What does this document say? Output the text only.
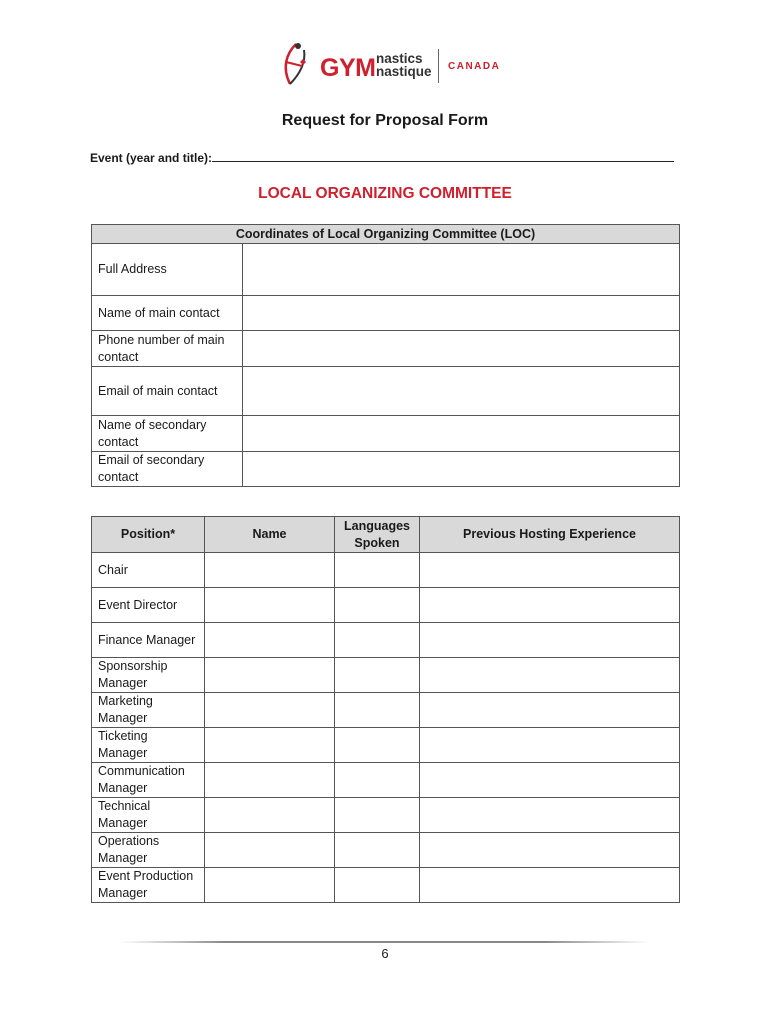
GYM nastics
nastique CANADA
Request for Proposal Form
Event (year and title):
LOCAL ORGANIZING COMMITTEE
Coordinates of Local Organizing Committee (LOC)	
Full Address	
Name of main contact	
Phone number of main contact	
Email of main contact	
Name of secondary contact	
Email of secondary contact	
Position*	Name	Languages Spoken	Previous Hosting Experience
Chair			
Event Director			
Finance Manager			
Sponsorship Manager			
Marketing Manager			
Ticketing Manager			
Communication Manager			
Technical Manager			
Operations Manager			
Event Production Manager			
6
